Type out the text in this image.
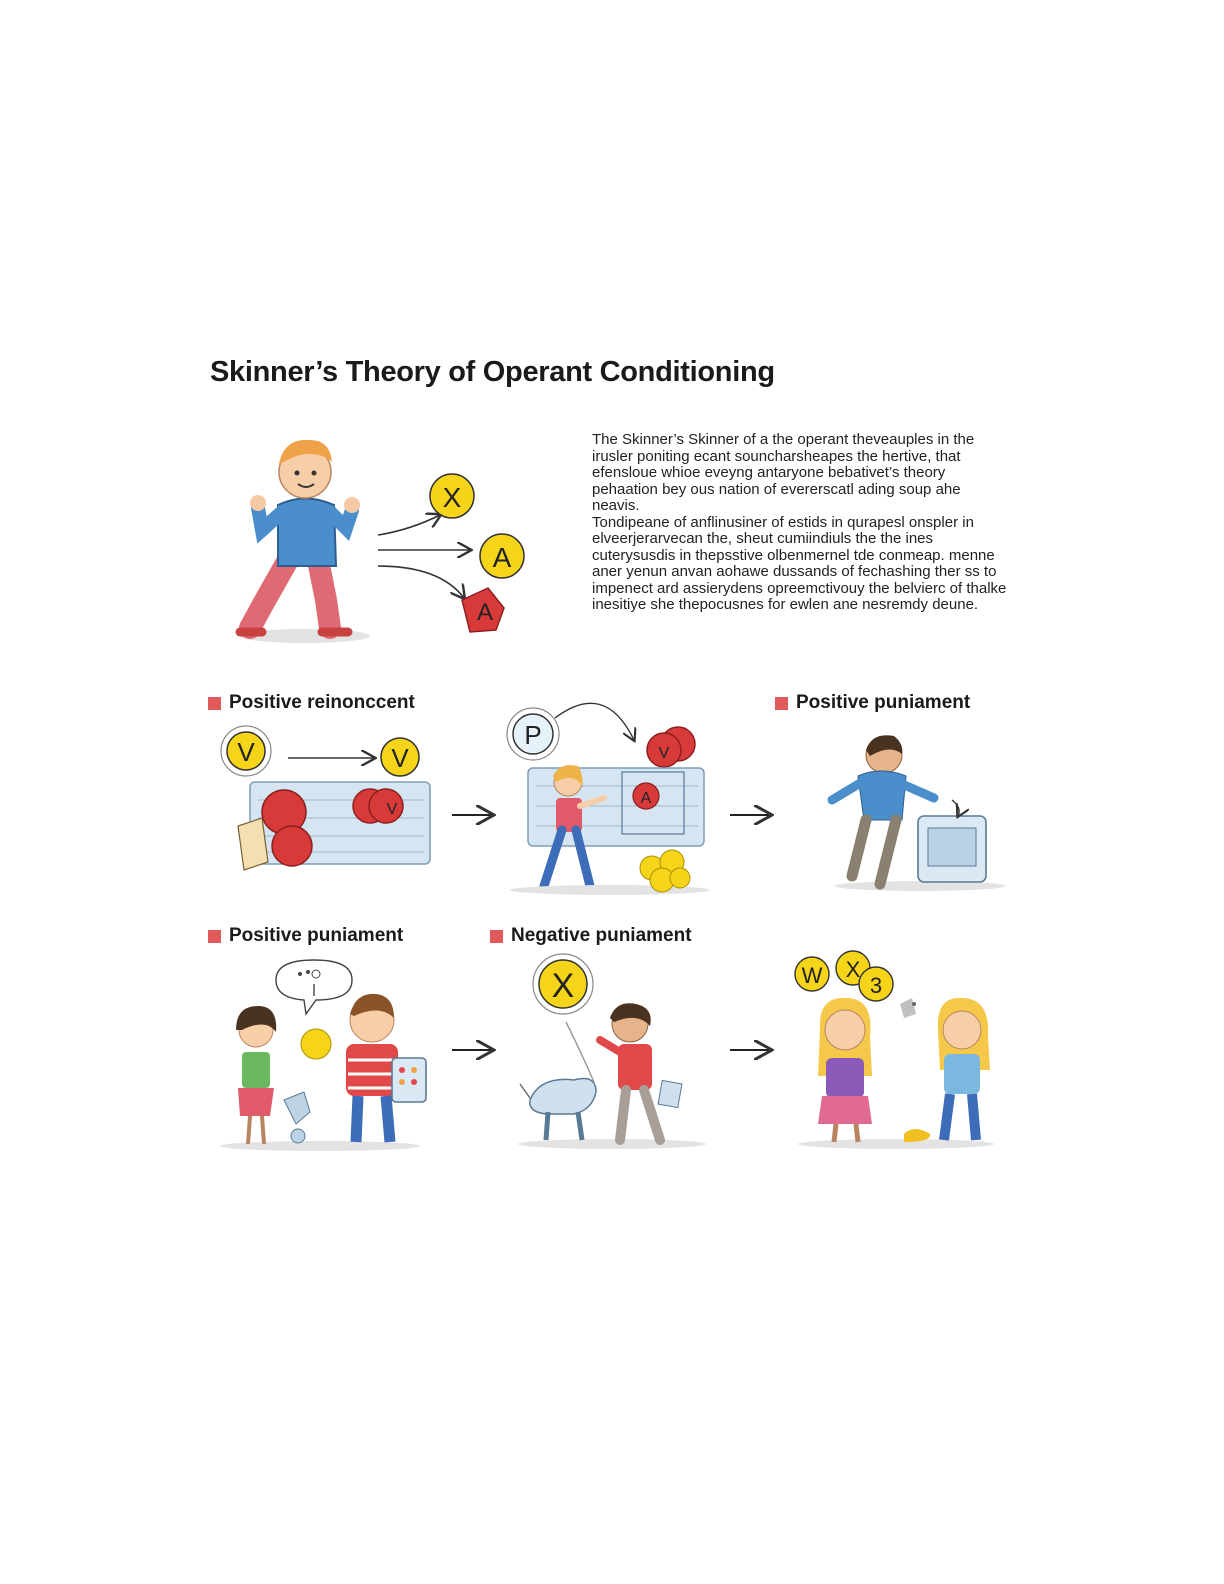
Skinner’s Theory of Operant Conditioning

The Skinner’s Skinner of a the operant theveauples in the irusler poniting ecant souncharsheapes the hertive, that efensloue whioe eveyng antaryone bebativet’s theory pehaation bey ous nation of evererscatl ading soup ahe neavis.

Tondipeane of anflinusiner of estids in qurapesl onspler in elveerjerarvecan the, sheut cumiindiuls the the ines cuterysusdis in thepsstive olbenmernel tde conmeap. menne aner yenun anvan aohawe dussands of fechashing ther ss to impenect ard assierydens opreemctivouy the belvierc of thalke inesitiye she thepocusnes for ewlen ane nesremdy deune.

Positive reinonccent	Positive puniament
Positive puniament	Negative puniament
X
A
A
V	V
V
P
V
A
X	W X
3
